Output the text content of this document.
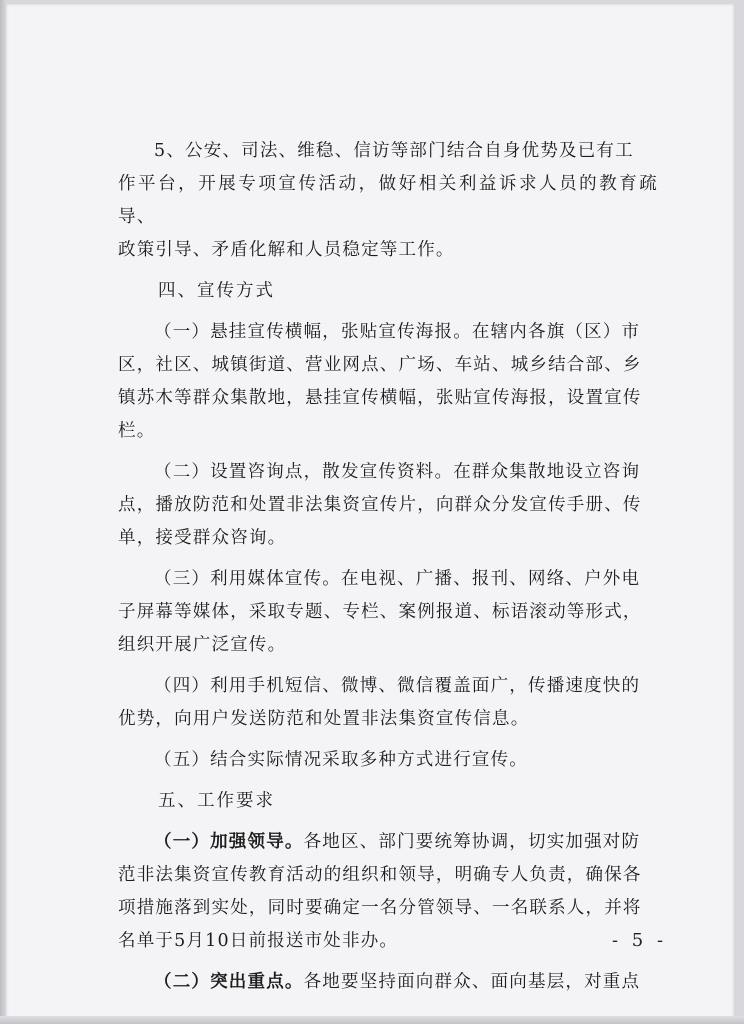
5、公安、司法、维稳、信访等部门结合自身优势及已有工
作平台，开展专项宣传活动，做好相关利益诉求人员的教育疏导、
政策引导、矛盾化解和人员稳定等工作。
四、宣传方式
（一）悬挂宣传横幅，张贴宣传海报。在辖内各旗（区）市
区，社区、城镇街道、营业网点、广场、车站、城乡结合部、乡
镇苏木等群众集散地，悬挂宣传横幅，张贴宣传海报，设置宣传
栏。
（二）设置咨询点，散发宣传资料。在群众集散地设立咨询
点，播放防范和处置非法集资宣传片，向群众分发宣传手册、传
单，接受群众咨询。
（三）利用媒体宣传。在电视、广播、报刊、网络、户外电
子屏幕等媒体，采取专题、专栏、案例报道、标语滚动等形式，
组织开展广泛宣传。
（四）利用手机短信、微博、微信覆盖面广，传播速度快的
优势，向用户发送防范和处置非法集资宣传信息。
（五）结合实际情况采取多种方式进行宣传。
五、工作要求
（一）加强领导。各地区、部门要统筹协调，切实加强对防
范非法集资宣传教育活动的组织和领导，明确专人负责，确保各
项措施落到实处，同时要确定一名分管领导、一名联系人，并将
名单于5月10日前报送市处非办。
（二）突出重点。各地要坚持面向群众、面向基层，对重点
- 5 -
